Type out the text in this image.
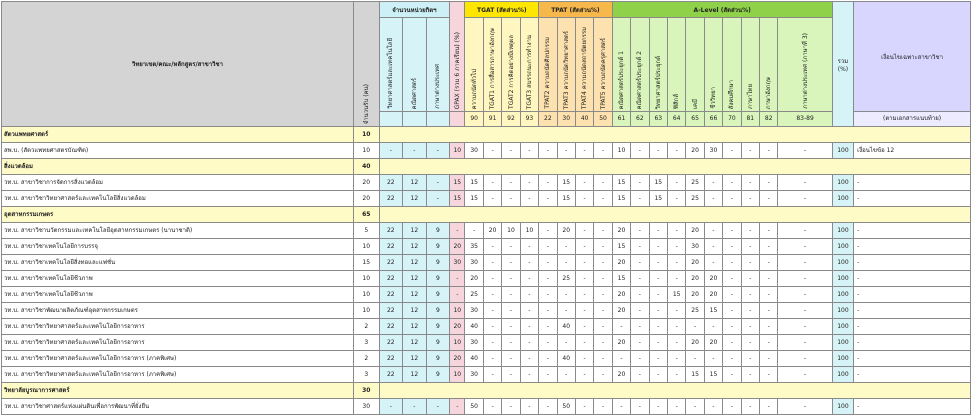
วิทยาเขต/คณะ/หลักสูตร/สาขาวิชา	จำนวนรับ (คน)	จำนวนหน่วยกิตฯ			GPAX (รวม 6 ภาคเรียน) (%)	TGAT (สัดส่วน%)				TPAT (สัดส่วน%)				A-Level (สัดส่วน%)										รวม (%)	เงื่อนไขเฉพาะสาขาวิชา
		วิทยาศาสตร์และเทคโนโลยี	คณิตศาสตร์	ภาษาต่างประเทศ		ความถนัดทั่วไป	TGAT1 การสื่อสารภาษาอังกฤษ	TGAT2 การคิดอย่างมีเหตุผล	TGAT3 สมรรถนะการทำงาน	TPAT2 ความถนัดศิลปกรรม	TPAT3 ความถนัดวิทยาศาสตร์	TPAT4 ความถนัดสถาปัตยกรรม	TPAT5 ความถนัดครุศาสตร์	คณิตศาสตร์ประยุกต์ 1	คณิตศาสตร์ประยุกต์ 2	วิทยาศาสตร์ประยุกต์	ฟิสิกส์	เคมี	ชีววิทยา	สังคมศึกษา	ภาษาไทย	ภาษาอังกฤษ	ภาษาต่างประเทศ (ภาษาที่ 3)		
						90	91	92	93	22	30	40	50	61	62	63	64	65	66	70	81	82	83-89		(ตามเอกสารแนบท้าย)
สัตวแพทยศาสตร์	10																								
สพ.บ. (สัตวแพทยศาสตรบัณฑิต)	10	-	-	-	10	30	-	-	-	-	-	-	-	10	-	-	-	20	30	-	-	-	-	100	เงื่อนไขข้อ 12
สิ่งแวดล้อม	40																								
วท.บ. สาขาวิชาการจัดการสิ่งแวดล้อม	20	22	12	-	15	15	-	-	-	-	15	-	-	15	-	15	-	25	-	-	-	-	-	100	-
วท.บ. สาขาวิชาวิทยาศาสตร์และเทคโนโลยีสิ่งแวดล้อม	20	22	12	-	15	15	-	-	-	-	15	-	-	15	-	15	-	25	-	-	-	-	-	100	-
อุตสาหกรรมเกษตร	65																								
วท.บ. สาขาวิชานวัตกรรมและเทคโนโลยีอุตสาหกรรมเกษตร (นานาชาติ)	5	22	12	9	-	-	20	10	10	-	20	-	-	20	-	-	-	20	-	-	-	-	-	100	-
วท.บ. สาขาวิชาเทคโนโลยีการบรรจุ	10	22	12	9	20	35	-	-	-	-	-	-	-	15	-	-	-	30	-	-	-	-	-	100	-
วท.บ. สาขาวิชาเทคโนโลยีสิ่งทอและแฟชั่น	15	22	12	9	30	30	-	-	-	-	-	-	-	20	-	-	-	20	-	-	-	-	-	100	-
วท.บ. สาขาวิชาเทคโนโลยีชีวภาพ	10	22	12	9	-	20	-	-	-	-	25	-	-	15	-	-	-	20	20	-	-	-	-	100	-
วท.บ. สาขาวิชาเทคโนโลยีชีวภาพ	10	22	12	9	-	25	-	-	-	-	-	-	-	20	-	-	15	20	20	-	-	-	-	100	-
วท.บ. สาขาวิชาพัฒนาผลิตภัณฑ์อุตสาหกรรมเกษตร	10	22	12	9	10	30	-	-	-	-	-	-	-	20	-	-	-	25	15	-	-	-	-	100	-
วท.บ. สาขาวิชาวิทยาศาสตร์และเทคโนโลยีการอาหาร	2	22	12	9	20	40	-	-	-	-	40	-	-	-	-	-	-	-	-	-	-	-	-	100	-
วท.บ. สาขาวิชาวิทยาศาสตร์และเทคโนโลยีการอาหาร	3	22	12	9	10	30	-	-	-	-	-	-	-	20	-	-	-	20	20	-	-	-	-	100	-
วท.บ. สาขาวิชาวิทยาศาสตร์และเทคโนโลยีการอาหาร (ภาคพิเศษ)	2	22	12	9	20	40	-	-	-	-	40	-	-	-	-	-	-	-	-	-	-	-	-	100	-
วท.บ. สาขาวิชาวิทยาศาสตร์และเทคโนโลยีการอาหาร (ภาคพิเศษ)	3	22	12	9	10	30	-	-	-	-	-	-	-	20	-	-	-	15	15	-	-	-	-	100	-
วิทยาลัยบูรณาการศาสตร์	30																								
วท.บ. สาขาวิชาศาสตร์แห่งแผ่นดินเพื่อการพัฒนาที่ยั่งยืน	30	-	-	-	-	50	-	-	-	-	50	-	-	-	-	-	-	-	-	-	-	-	-	100	-
